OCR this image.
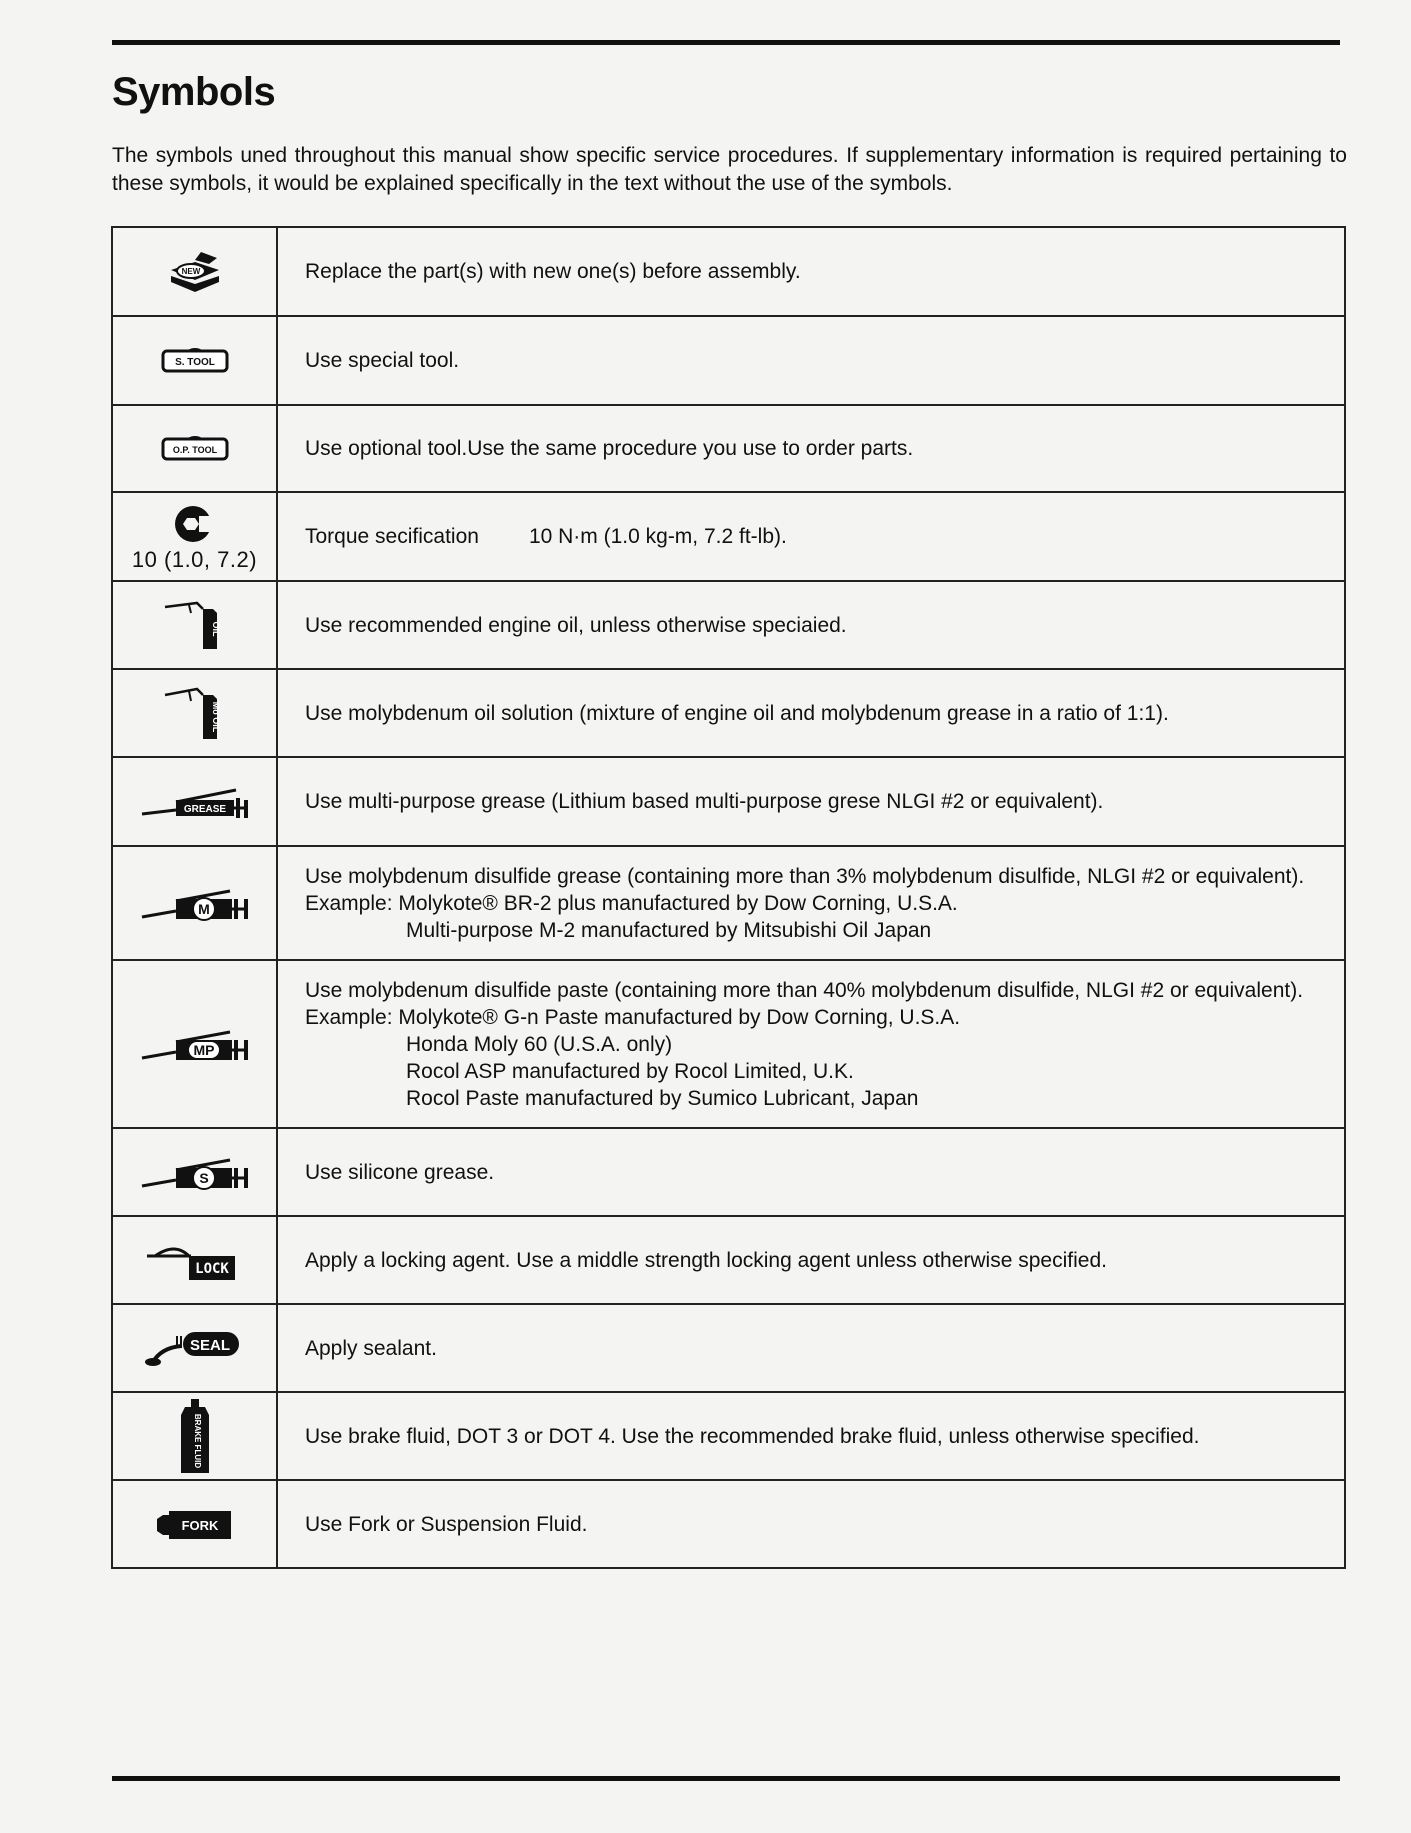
Symbols

The symbols uned throughout this manual show specific service procedures. If supplementary information is required pertaining to these symbols, it would be explained specifically in the text without the use of the symbols.

NEW	Replace the part(s) with new one(s) before assembly.

S. TOOL	Use special tool.

O.P. TOOL	Use optional tool.Use the same procedure you use to order parts.

10 (1.0, 7.2)	Torque secification 10 N·m (1.0 kg-m, 7.2 ft-lb).

OIL	Use recommended engine oil, unless otherwise speciaied.

Mo OIL	Use molybdenum oil solution (mixture of engine oil and molybdenum grease in a ratio of 1:1).

GREASE	Use multi-purpose grease (Lithium based multi-purpose grese NLGI #2 or equivalent).

M	Use molybdenum disulfide grease (containing more than 3% molybdenum disulfide, NLGI #2 or equivalent).
Example: Molykote® BR-2 plus manufactured by Dow Corning, U.S.A.
Multi-purpose M-2 manufactured by Mitsubishi Oil Japan

MP	Use molybdenum disulfide paste (containing more than 40% molybdenum disulfide, NLGI #2 or equivalent).
Example: Molykote® G-n Paste manufactured by Dow Corning, U.S.A.
Honda Moly 60 (U.S.A. only)
Rocol ASP manufactured by Rocol Limited, U.K.
Rocol Paste manufactured by Sumico Lubricant, Japan

S	Use silicone grease.

LOCK	Apply a locking agent. Use a middle strength locking agent unless otherwise specified.

SEAL	Apply sealant.

BRAKE FLUID	Use brake fluid, DOT 3 or DOT 4. Use the recommended brake fluid, unless otherwise specified.

FORK	Use Fork or Suspension Fluid.
